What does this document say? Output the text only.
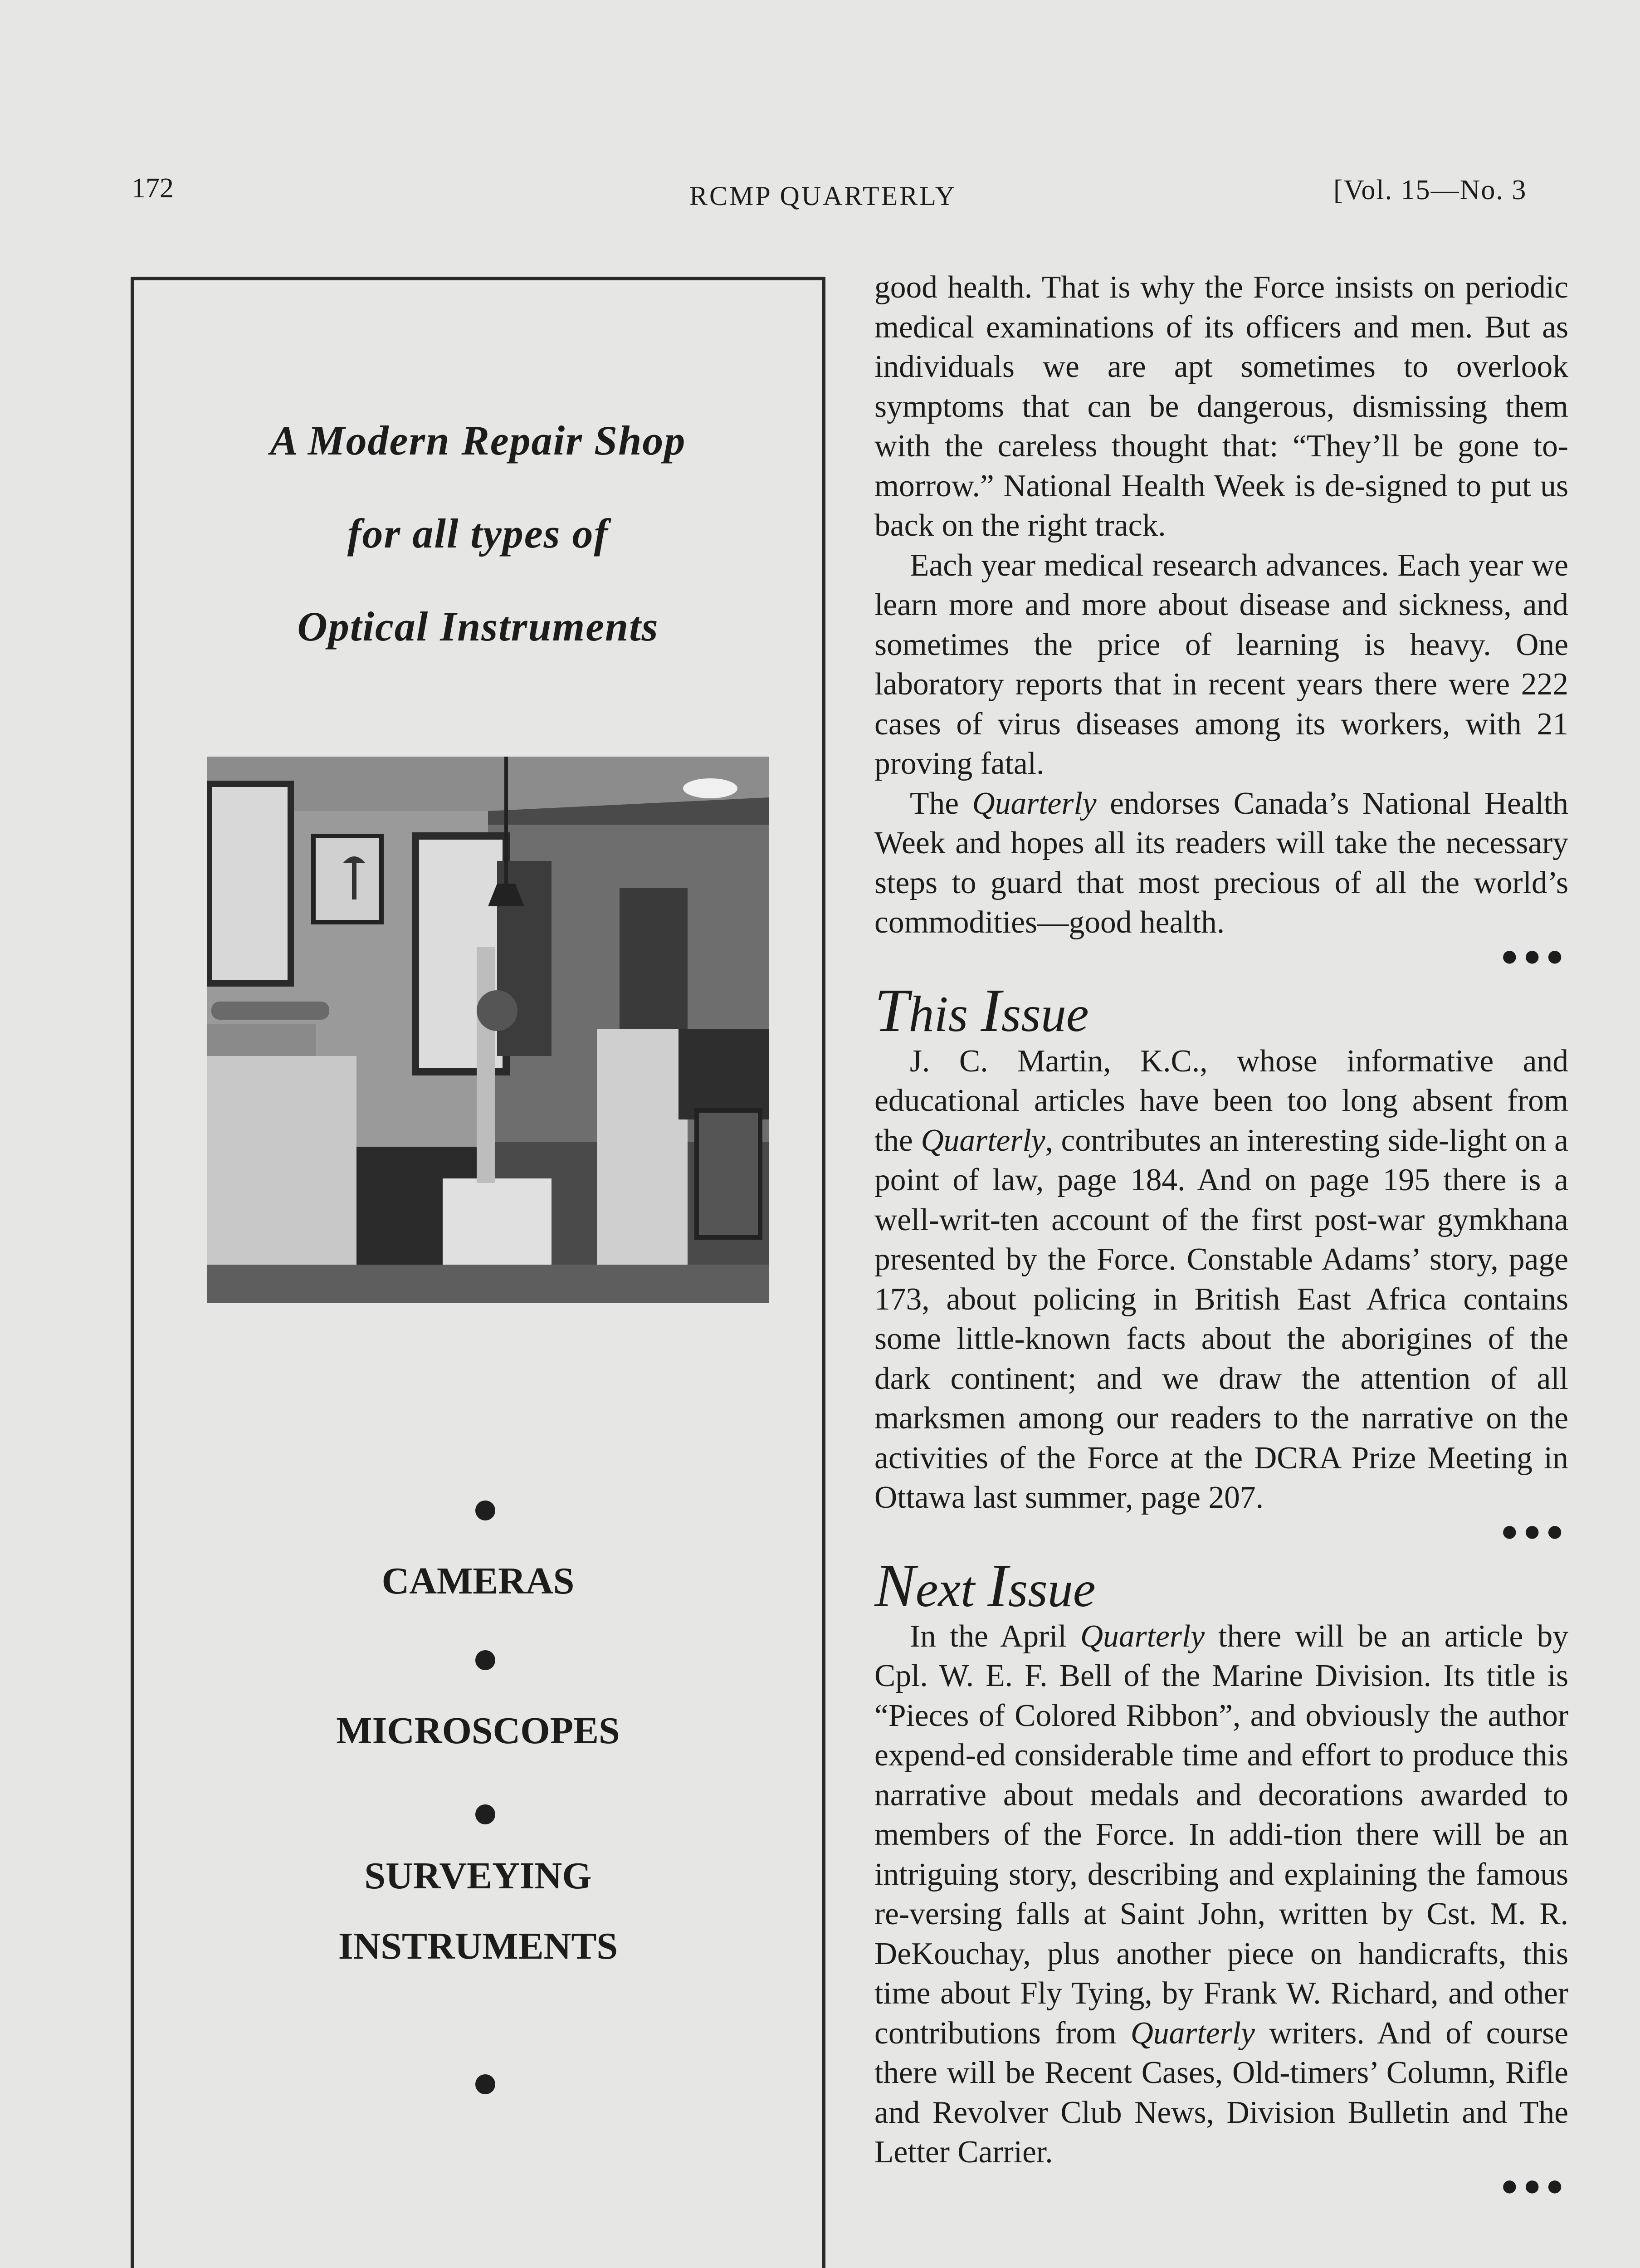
172	RCMP QUARTERLY	[Vol. 15—No. 3
A Modern Repair Shop
for all types of
Optical Instruments
CAMERAS
MICROSCOPES
SURVEYING
INSTRUMENTS

good health. That is why the Force insists on periodic medical examinations of its officers and men. But as individuals we are apt sometimes to overlook symptoms that can be dangerous, dismissing them with the careless thought that: “They’ll be gone to-morrow.” National Health Week is de-signed to put us back on the right track.

Each year medical research advances. Each year we learn more and more about disease and sickness, and sometimes the price of learning is heavy. One laboratory reports that in recent years there were 222 cases of virus diseases among its workers, with 21 proving fatal.

The Quarterly endorses Canada’s National Health Week and hopes all its readers will take the necessary steps to guard that most precious of all the world’s commodities—good health.

●●●
This Issue

J. C. Martin, K.C., whose informative and educational articles have been too long absent from the Quarterly, contributes an interesting side-light on a point of law, page 184. And on page 195 there is a well-writ-ten account of the first post-war gymkhana presented by the Force. Constable Adams’ story, page 173, about policing in British East Africa contains some little-known facts about the aborigines of the dark continent; and we draw the attention of all marksmen among our readers to the narrative on the activities of the Force at the DCRA Prize Meeting in Ottawa last summer, page 207.

●●●
Next Issue

In the April Quarterly there will be an article by Cpl. W. E. F. Bell of the Marine Division. Its title is “Pieces of Colored Ribbon”, and obviously the author expend-ed considerable time and effort to produce this narrative about medals and decorations awarded to members of the Force. In addi-tion there will be an intriguing story, describing and explaining the famous re-versing falls at Saint John, written by Cst. M. R. DeKouchay, plus another piece on handicrafts, this time about Fly Tying, by Frank W. Richard, and other contributions from Quarterly writers. And of course there will be Recent Cases, Old-timers’ Column, Rifle and Revolver Club News, Division Bulletin and The Letter Carrier.

●●●
